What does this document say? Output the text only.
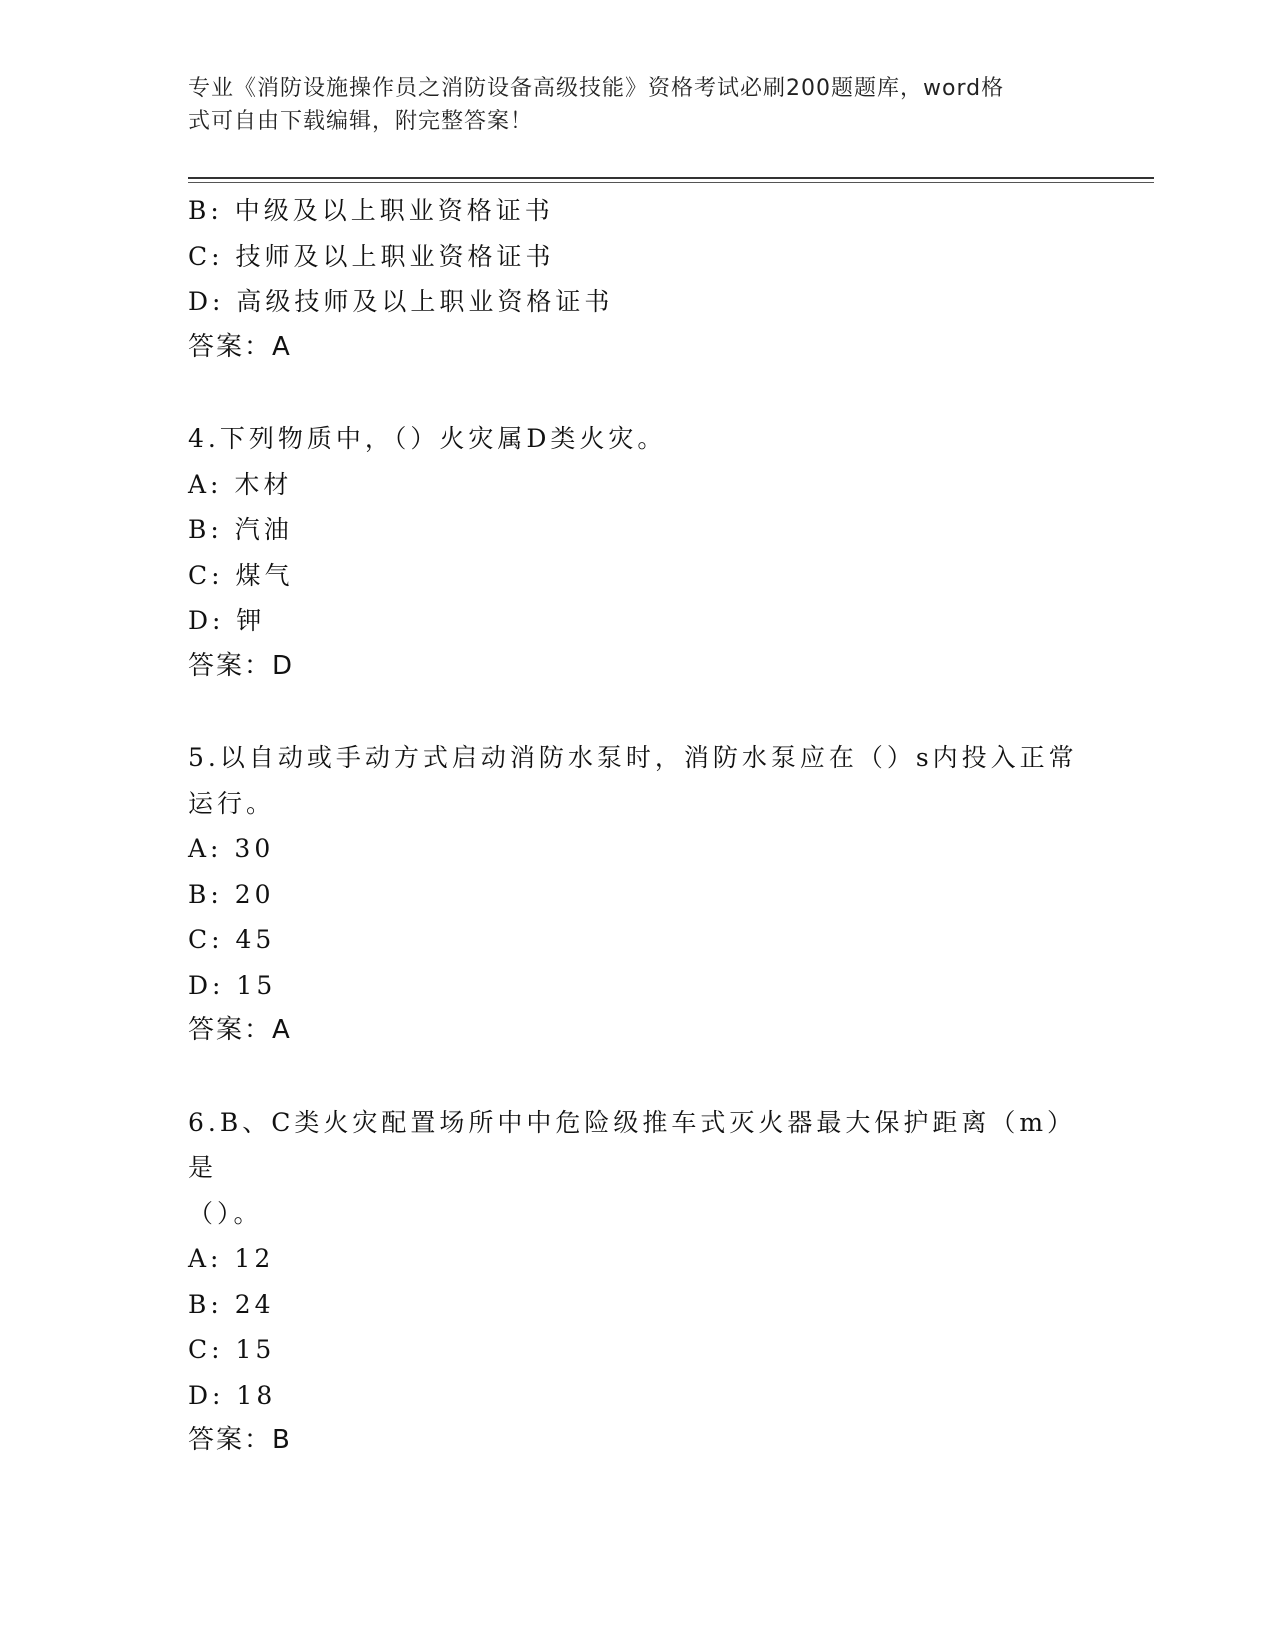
专业《消防设施操作员之消防设备高级技能》资格考试必刷200题题库，word格
式可自由下载编辑，附完整答案！

B: 中级及以上职业资格证书

C: 技师及以上职业资格证书

D: 高级技师及以上职业资格证书

答案：A

4.下列物质中，（）火灾属D类火灾。

A: 木材

B: 汽油

C: 煤气

D: 钾

答案：D

5.以自动或手动方式启动消防水泵时，消防水泵应在（）s内投入正常

运行。

A: 30

B: 20

C: 45

D: 15

答案：A

6.B、C类火灾配置场所中中危险级推车式灭火器最大保护距离（m）是

（）。

A: 12

B: 24

C: 15

D: 18

答案：B
